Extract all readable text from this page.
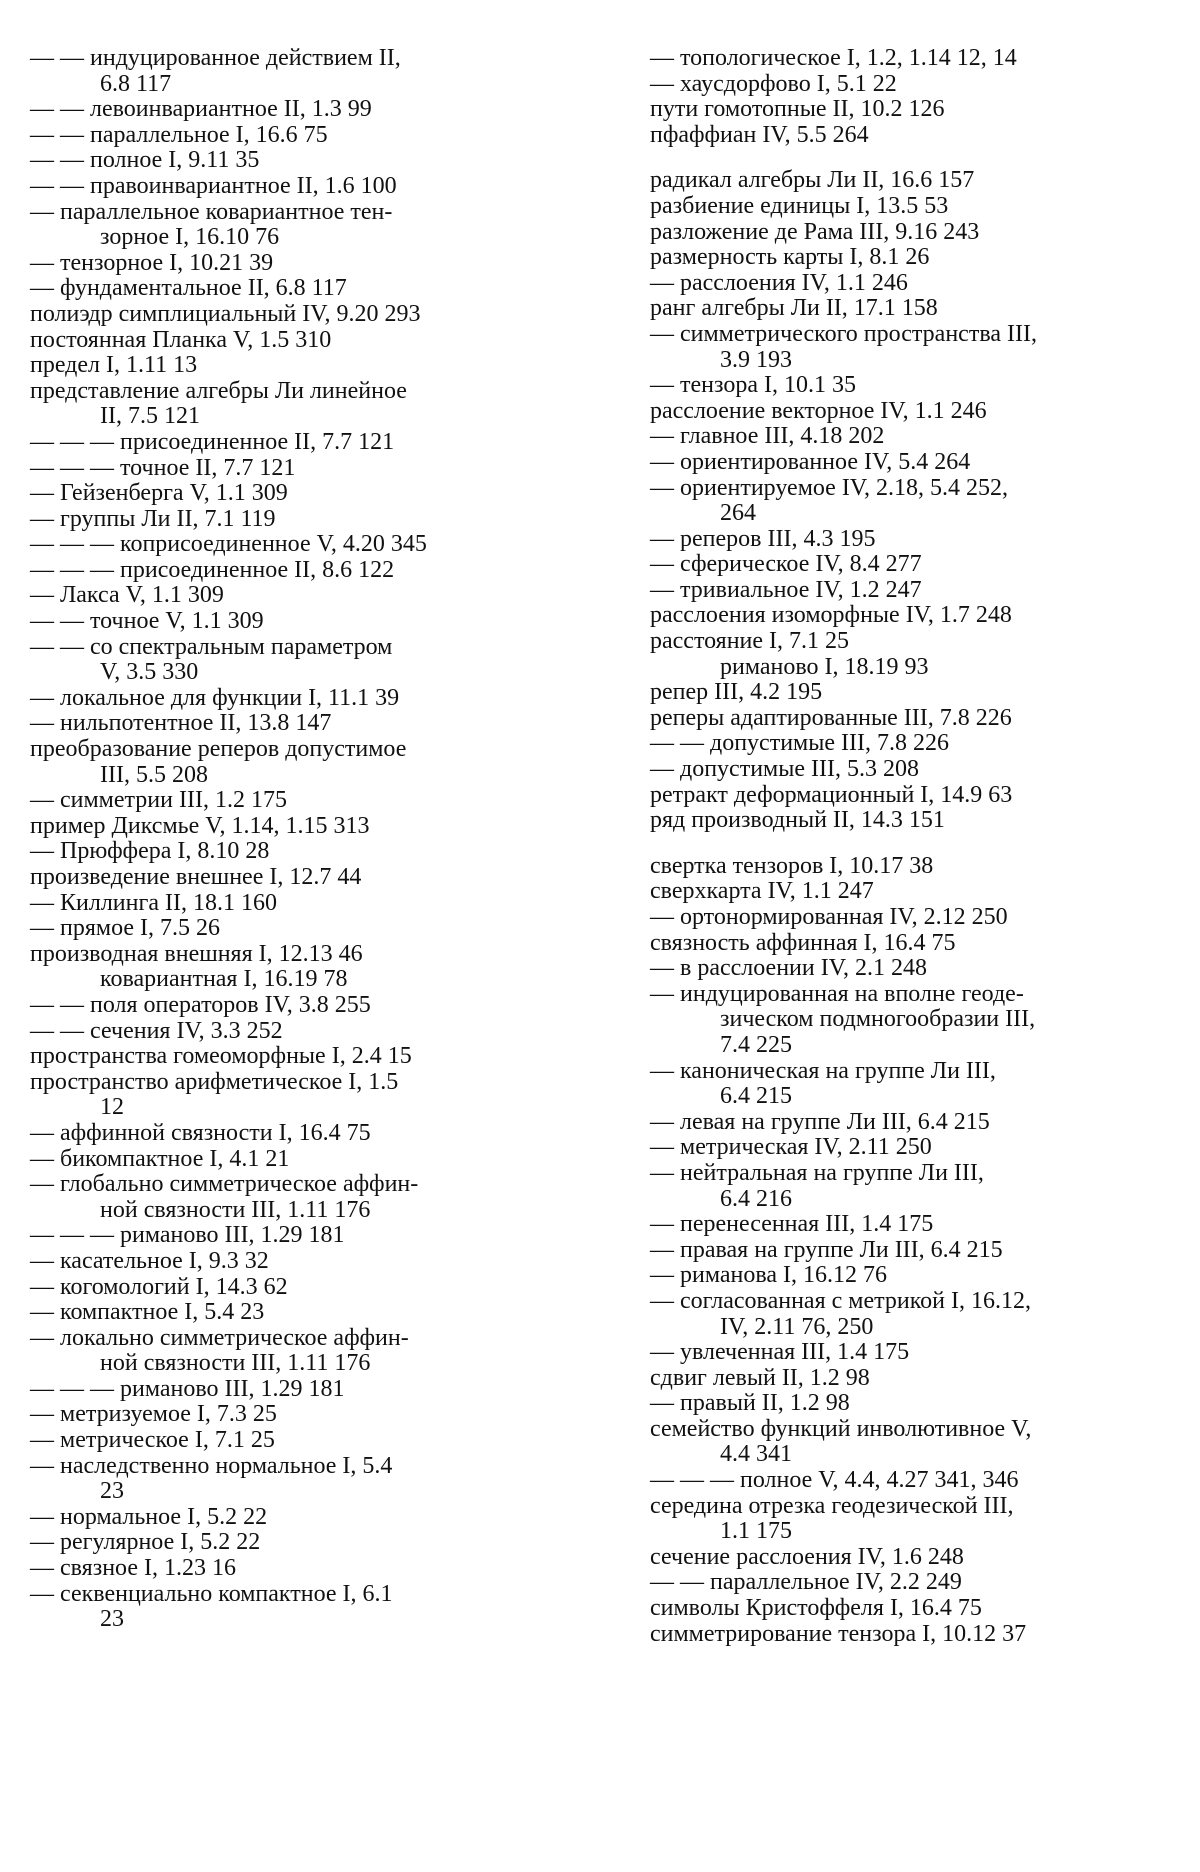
— — индуцированное действием II,
6.8 117
— — левоинвариантное II, 1.3 99
— — параллельное I, 16.6 75
— — полное I, 9.11 35
— — правоинвариантное II, 1.6 100
— параллельное ковариантное тен-
зорное I, 16.10 76
— тензорное I, 10.21 39
— фундаментальное II, 6.8 117
полиэдр симплициальный IV, 9.20 293
постоянная Планка V, 1.5 310
предел I, 1.11 13
представление алгебры Ли линейное
II, 7.5 121
— — — присоединенное II, 7.7 121
— — — точное II, 7.7 121
— Гейзенберга V, 1.1 309
— группы Ли II, 7.1 119
— — — коприсоединенное V, 4.20 345
— — — присоединенное II, 8.6 122
— Лакса V, 1.1 309
— — точное V, 1.1 309
— — со спектральным параметром
V, 3.5 330
— локальное для функции I, 11.1 39
— нильпотентное II, 13.8 147
преобразование реперов допустимое
III, 5.5 208
— симметрии III, 1.2 175
пример Диксмье V, 1.14, 1.15 313
— Прюффера I, 8.10 28
произведение внешнее I, 12.7 44
— Киллинга II, 18.1 160
— прямое I, 7.5 26
производная внешняя I, 12.13 46
ковариантная I, 16.19 78
— — поля операторов IV, 3.8 255
— — сечения IV, 3.3 252
пространства гомеоморфные I, 2.4 15
пространство арифметическое I, 1.5
12
— аффинной связности I, 16.4 75
— бикомпактное I, 4.1 21
— глобально симметрическое аффин-
ной связности III, 1.11 176
— — — риманово III, 1.29 181
— касательное I, 9.3 32
— когомологий I, 14.3 62
— компактное I, 5.4 23
— локально симметрическое аффин-
ной связности III, 1.11 176
— — — риманово III, 1.29 181
— метризуемое I, 7.3 25
— метрическое I, 7.1 25
— наследственно нормальное I, 5.4
23
— нормальное I, 5.2 22
— регулярное I, 5.2 22
— связное I, 1.23 16
— секвенциально компактное I, 6.1
23
— топологическое I, 1.2, 1.14 12, 14
— хаусдорфово I, 5.1 22
пути гомотопные II, 10.2 126
пфаффиан IV, 5.5 264
радикал алгебры Ли II, 16.6 157
разбиение единицы I, 13.5 53
разложение де Рама III, 9.16 243
размерность карты I, 8.1 26
— расслоения IV, 1.1 246
ранг алгебры Ли II, 17.1 158
— симметрического пространства III,
3.9 193
— тензора I, 10.1 35
расслоение векторное IV, 1.1 246
— главное III, 4.18 202
— ориентированное IV, 5.4 264
— ориентируемое IV, 2.18, 5.4 252,
264
— реперов III, 4.3 195
— сферическое IV, 8.4 277
— тривиальное IV, 1.2 247
расслоения изоморфные IV, 1.7 248
расстояние I, 7.1 25
риманово I, 18.19 93
репер III, 4.2 195
реперы адаптированные III, 7.8 226
— — допустимые III, 7.8 226
— допустимые III, 5.3 208
ретракт деформационный I, 14.9 63
ряд производный II, 14.3 151
свертка тензоров I, 10.17 38
сверхкарта IV, 1.1 247
— ортонормированная IV, 2.12 250
связность аффинная I, 16.4 75
— в расслоении IV, 2.1 248
— индуцированная на вполне геоде-
зическом подмногообразии III,
7.4 225
— каноническая на группе Ли III,
6.4 215
— левая на группе Ли III, 6.4 215
— метрическая IV, 2.11 250
— нейтральная на группе Ли III,
6.4 216
— перенесенная III, 1.4 175
— правая на группе Ли III, 6.4 215
— риманова I, 16.12 76
— согласованная с метрикой I, 16.12,
IV, 2.11 76, 250
— увлеченная III, 1.4 175
сдвиг левый II, 1.2 98
— правый II, 1.2 98
семейство функций инволютивное V,
4.4 341
— — — полное V, 4.4, 4.27 341, 346
середина отрезка геодезической III,
1.1 175
сечение расслоения IV, 1.6 248
— — параллельное IV, 2.2 249
символы Кристоффеля I, 16.4 75
симметрирование тензора I, 10.12 37
